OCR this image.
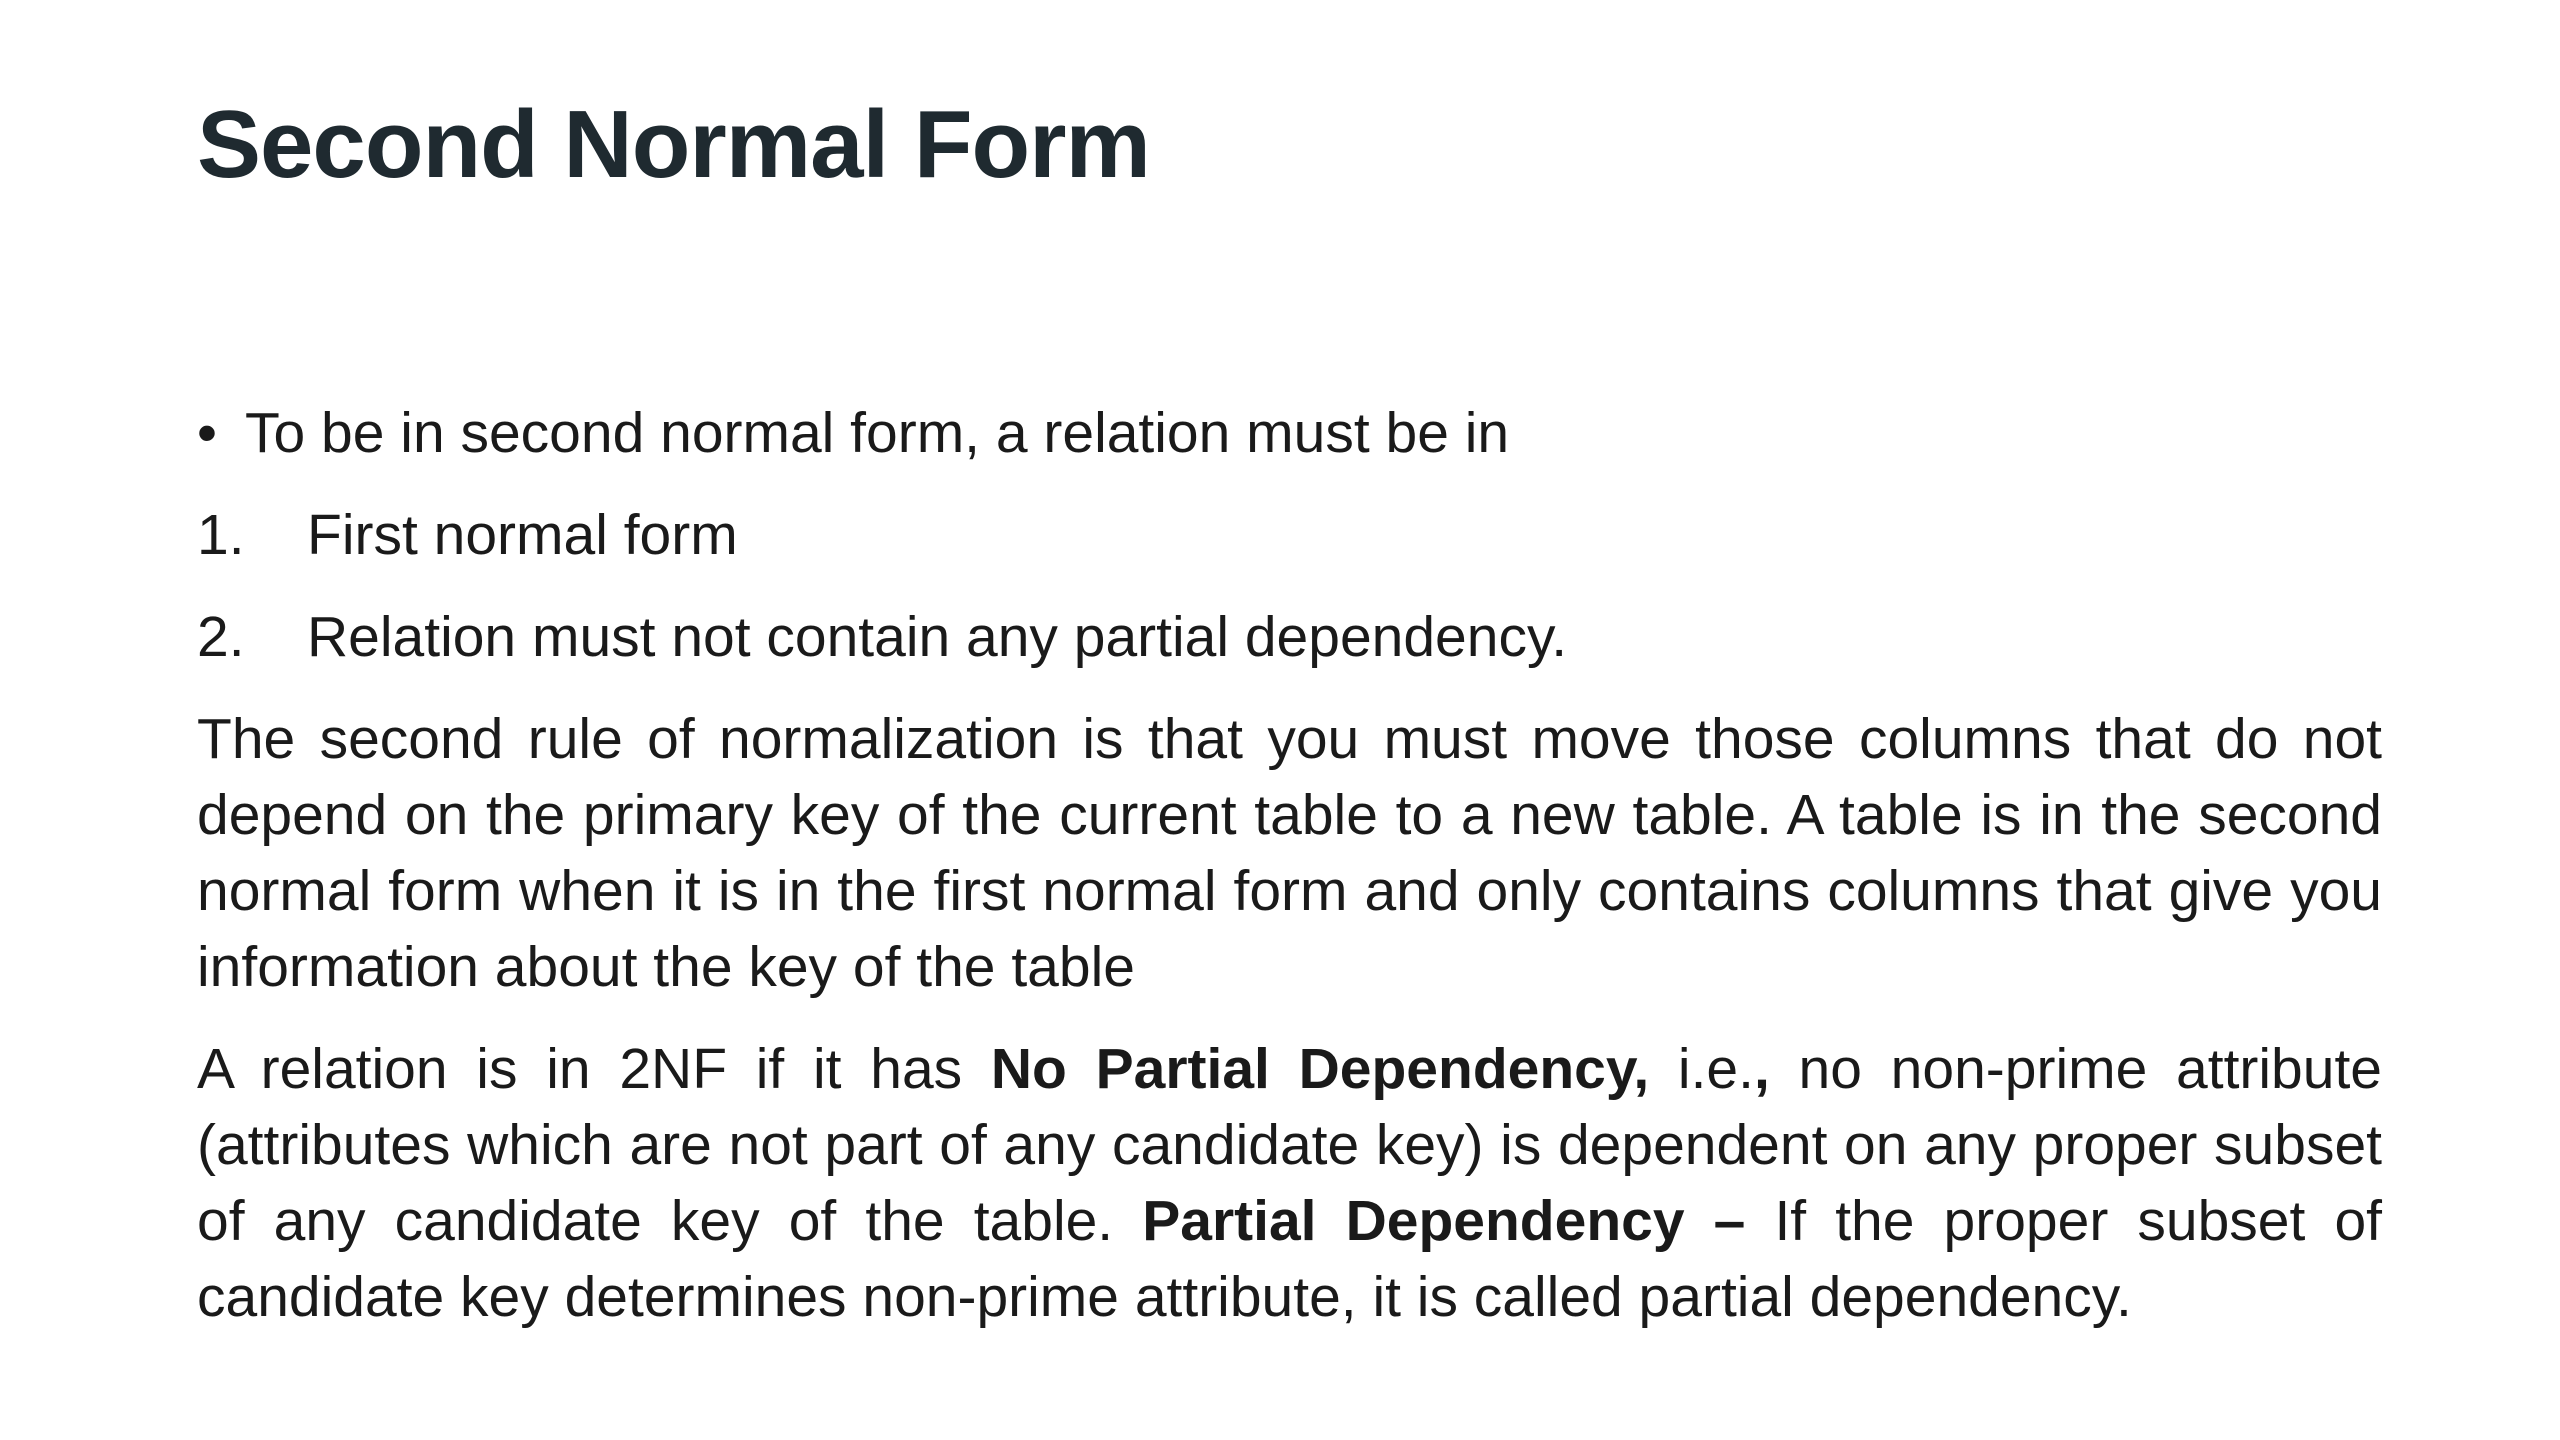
Second Normal Form
• To be in second normal form, a relation must be in
1.	First normal form
2.	Relation must not contain any partial dependency.

The second rule of normalization is that you must move those columns that do not depend on the primary key of the current table to a new table. A table is in the second normal form when it is in the first normal form and only contains columns that give you information about the key of the table

A relation is in 2NF if it has No Partial Dependency, i.e., no non-prime attribute (attributes which are not part of any candidate key) is dependent on any proper subset of any candidate key of the table. Partial Dependency – If the proper subset of candidate key determines non-prime attribute, it is called partial dependency.
